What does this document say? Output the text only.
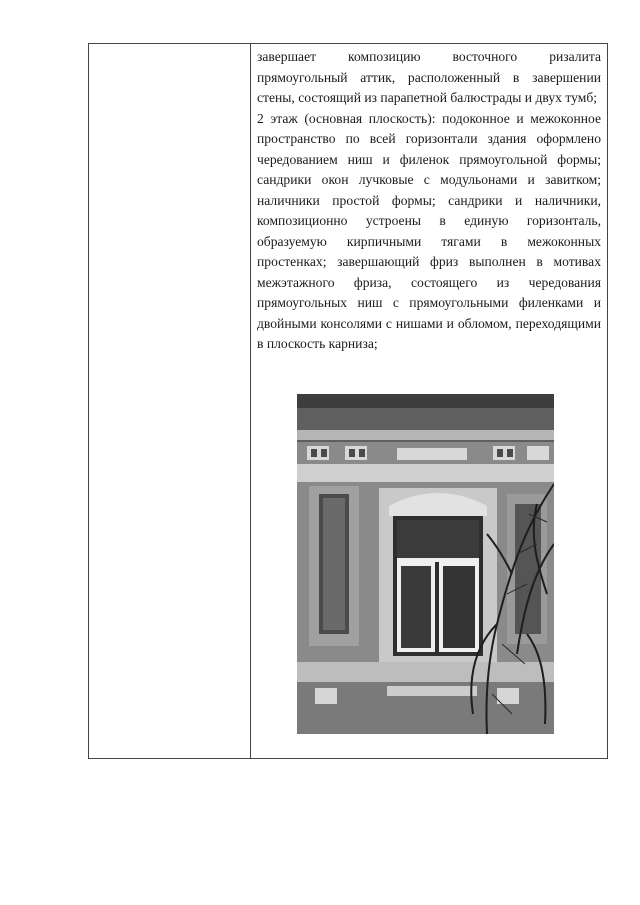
завершает композицию восточного ризалита прямоугольный аттик, расположенный в завершении стены, состоящий из парапетной балюстрады и двух тумб;

2 этаж (основная плоскость): подоконное и межоконное пространство по всей горизонтали здания оформлено чередованием ниш и филенок прямоугольной формы; сандрики окон лучковые с модульонами и завитком; наличники простой формы; сандрики и наличники, композиционно устроены в единую горизонталь, образуемую кирпичными тягами в межоконных простенках; завершающий фриз выполнен в мотивах межэтажного фриза, состоящего из чередования прямоугольных ниш с прямоугольными филенками и двойными консолями с нишами и обломом, переходящими в плоскость карниза;
